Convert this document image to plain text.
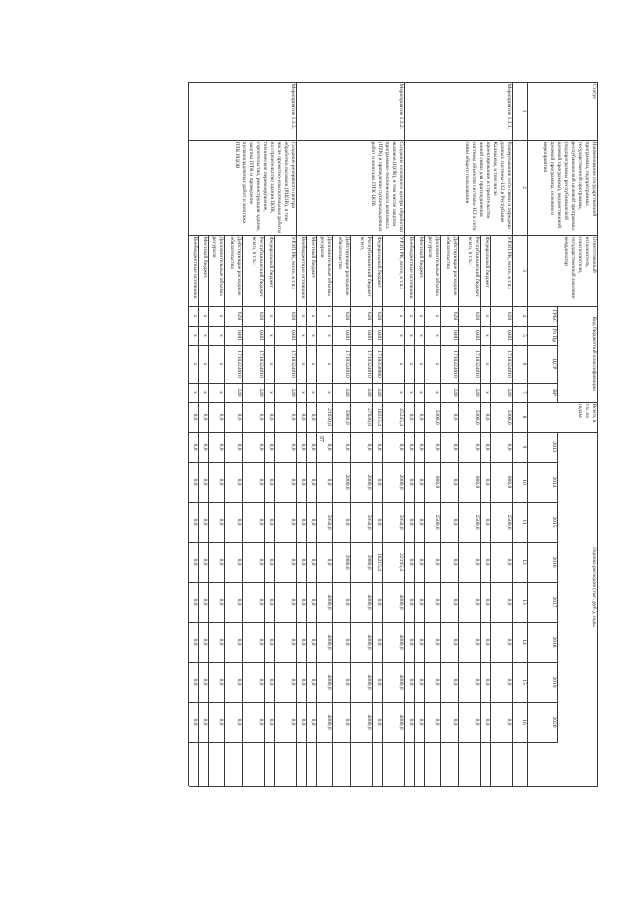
97
Статус
Наименование государственной программы, подпрограммы государственной программы, республиканской целевой программы (подпрограммы республиканской целевой программы), ведомственной целевой программы, основного мероприятия
Ответственный исполнитель, соисполнители, государственный заказчик-координатор
Код бюджетной классификации
ГРБС
Рз Пр
ЦСР
ВР
Всего, в т.ч. по годам:
Оценка расходов (тыс. руб.), годы
2013
2014
2015
2016
2017
2018
2019
2020
1
2
3
4
5
6
7
8
9
10
11
12
13
14
15
16
Мероприятие 1.3.1.
Развертывание сети связи и передачи данных системы-112 в Республике Калмыкия, в том числе проектирование и строительство линий связи для присоединения системы объектов системы-112 к сети связи общего пользования
УРЗП РК, всего, в т.ч.:
628
0401
1710324010
240
3300,0
0,0
800,0
2500,0
0,0
0,0
0,0
0,0
0,0
Федеральный бюджет
х
х
х
х
0,0
0,0
0,0
0,0
0,0
0,0
0,0
0,0
0,0
Республиканский бюджет всего, в т.ч.:
628
0401
1710324010
240
3300,0
0,0
800,0
2500,0
0,0
0,0
0,0
0,0
0,0
Действующие расходные обязательства
628
0401
1710324010
240
0,0
0,0
0,0
0,0
0,0
0,0
0,0
0,0
0,0
Дополнительные объемы ресурсов
х
х
х
х
3300,0
0,0
800,0
2500,0
0,0
0,0
0,0
0,0
0,0
Местный бюджет
х
х
х
х
0,0
0,0
0,0
0,0
0,0
0,0
0,0
0,0
0,0
Внебюджетные источники
х
х
х
х
0,0
0,0
0,0
0,0
0,0
0,0
0,0
0,0
0,0
Мероприятие 1.3.2.
Создание основного центра обработки вызовов (ЦОВ), в том числе закупка программно-технического комплекса (ПТК) и проведение пусконаладочных работ и монтажа ПТК ЦОВ
УРЗП РК, всего, в т.ч.:
х
х
х
х
45245,4
0,0
2000,0
5050,0
22195,4
4000,0
4000,0
4000,0
4000,0
Федеральный бюджет
628
0401
1710350980
240
18215,4
0,0
0,0
0,0
18215,4
0,0
0,0
0,0
0,0
Республиканский бюджет всего,
628
0401
1710324010
240
27030,0
0,0
2000,0
5050,0
3980,0
4000,0
4000,0
4000,0
4000,0
Действующие расходные обязательства
628
0401
1710324010
240
5980,0
0,0
2000,0
0,0
3980,0
0,0
0,0
0,0
0,0
Дополнительные объемы ресурсов
х
х
х
х
21050,0
0,0
0,0
5050,0
0,0
4000,0
4000,0
4000,0
4000,0
Местный бюджет
х
х
х
х
0,0
0,0
0,0
0,0
0,0
0,0
0,0
0,0
0,0
Внебюджетные источники
х
х
х
х
0,0
0,0
0,0
0,0
0,0
0,0
0,0
0,0
0,0
Мероприятие 1.3.3.
Создание резервного центра обработки вызовов (РЦОВ), в том числе проектно-изыскательные работы на строительство здания ЦОВ, техническое перевооружение, строительство, реконструкция здания, закупка ПТК и проведение пусконаладочных работ и монтажа ПТК РЦОВ
УРЗП РК, всего, в т.ч.:
628
0401
1710324010
240
0,0
0,0
0,0
0,0
0,0
0,0
0,0
0,0
0,0
Федеральный бюджет
х
х
х
х
0,0
0,0
0,0
0,0
0,0
0,0
0,0
0,0
0,0
Республиканский бюджет всего, в т.ч.:
628
0401
1710324010
240
0,0
0,0
0,0
0,0
0,0
0,0
0,0
0,0
0,0
Действующие расходные обязательства
628
0401
1710324010
240
0,0
0,0
0,0
0,0
0,0
0,0
0,0
0,0
0,0
Дополнительные объемы ресурсов
х
х
х
х
0,0
0,0
0,0
0,0
0,0
0,0
0,0
0,0
0,0
Местный бюджет
х
х
х
х
0,0
0,0
0,0
0,0
0,0
0,0
0,0
0,0
0,0
Внебюджетные источники
х
х
х
х
0,0
0,0
0,0
0,0
0,0
0,0
0,0
0,0
0,0
